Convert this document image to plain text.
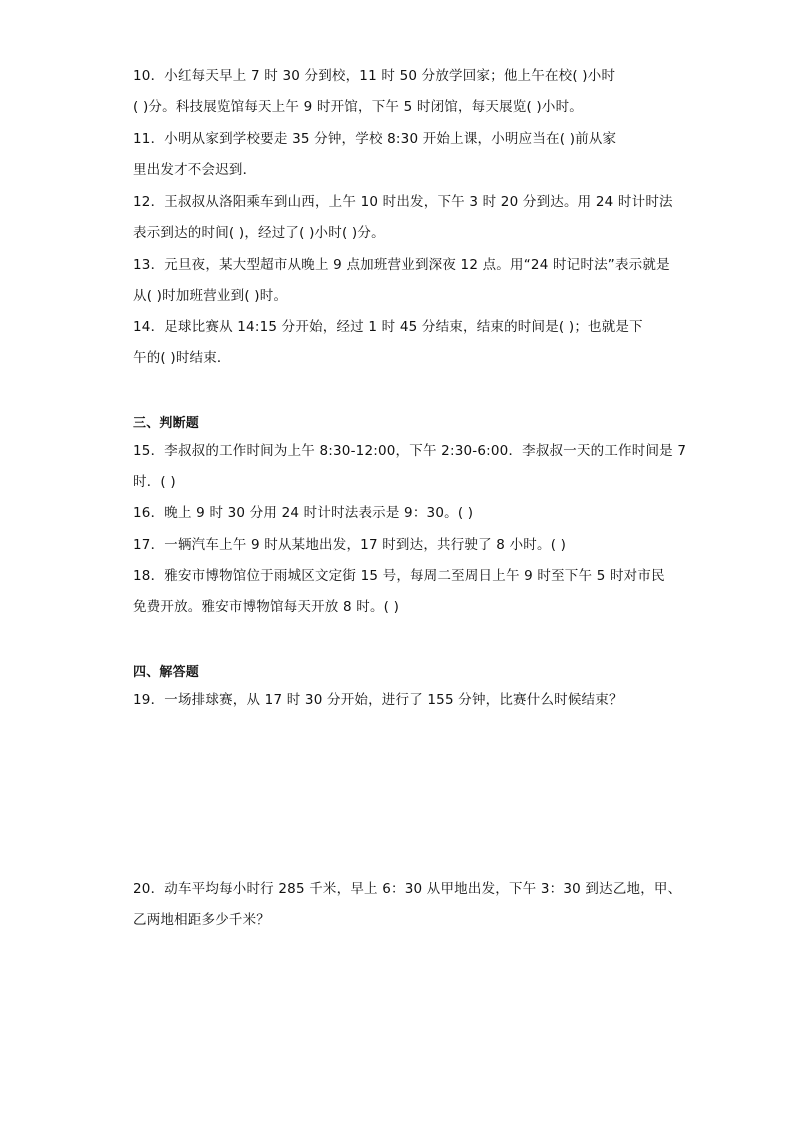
10．小红每天早上 7 时 30 分到校，11 时 50 分放学回家；他上午在校( )小时
( )分。科技展览馆每天上午 9 时开馆，下午 5 时闭馆，每天展览( )小时。
11．小明从家到学校要走 35 分钟，学校 8:30 开始上课，小明应当在( )前从家
里出发才不会迟到．
12．王叔叔从洛阳乘车到山西，上午 10 时出发，下午 3 时 20 分到达。用 24 时计时法
表示到达的时间( )，经过了( )小时( )分。
13．元旦夜，某大型超市从晚上 9 点加班营业到深夜 12 点。用“24 时记时法”表示就是
从( )时加班营业到( )时。
14．足球比赛从 14:15 分开始，经过 1 时 45 分结束，结束的时间是( )；也就是下
午的( )时结束．
三、判断题
15．李叔叔的工作时间为上午 8:30-12:00，下午 2:30-6:00．李叔叔一天的工作时间是 7
时．( )
16．晚上 9 时 30 分用 24 时计时法表示是 9：30。( )
17．一辆汽车上午 9 时从某地出发，17 时到达，共行驶了 8 小时。( )
18．雅安市博物馆位于雨城区文定街 15 号，每周二至周日上午 9 时至下午 5 时对市民
免费开放。雅安市博物馆每天开放 8 时。( )
四、解答题
19．一场排球赛，从 17 时 30 分开始，进行了 155 分钟，比赛什么时候结束？
20．动车平均每小时行 285 千米，早上 6：30 从甲地出发，下午 3：30 到达乙地，甲、
乙两地相距多少千米？
